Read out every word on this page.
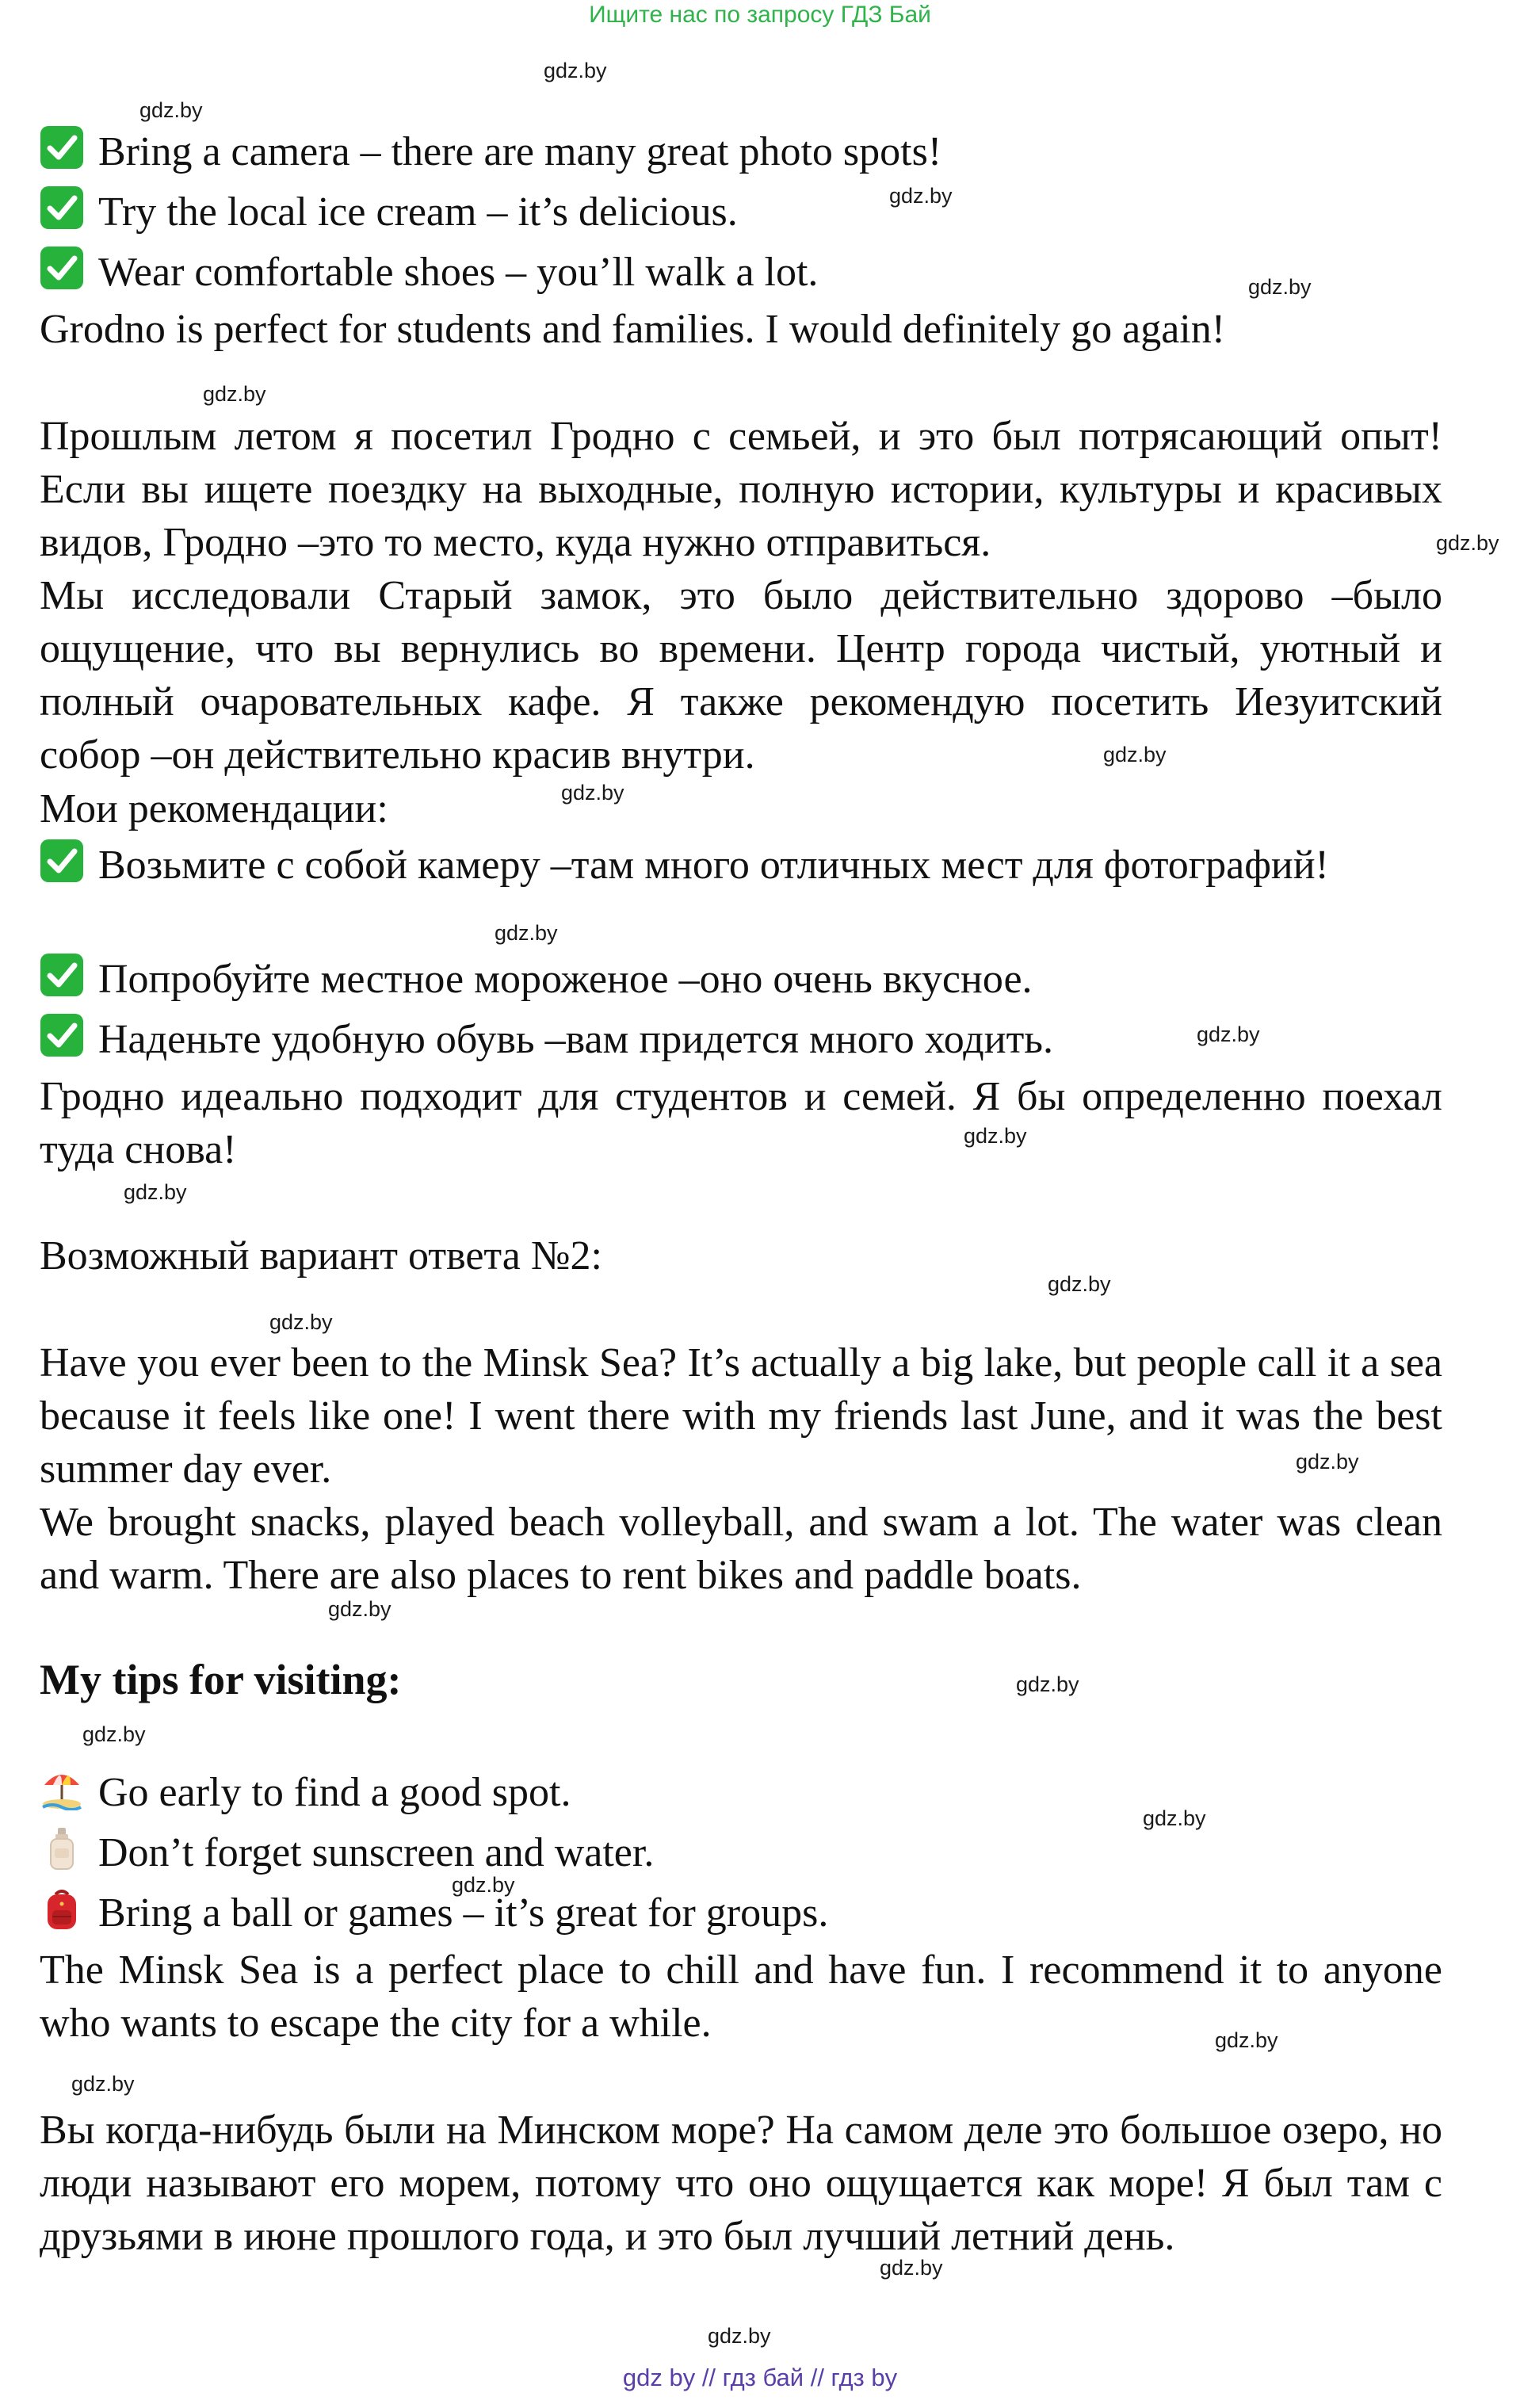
Ищите нас по запросу ГДЗ Бай
gdz.by
gdz.by
gdz.by
gdz.by
gdz.by
gdz.by
gdz.by
gdz.by
gdz.by
gdz.by
gdz.by
gdz.by
gdz.by
gdz.by
gdz.by
gdz.by
gdz.by
gdz.by
gdz.by
gdz.by
gdz.by
gdz.by
gdz.by
gdz.by
Bring a camera – there are many great photo spots!
Try the local ice cream – it’s delicious.
Wear comfortable shoes – you’ll walk a lot.
Grodno is perfect for students and families. I would definitely go again!
Прошлым летом я посетил Гродно с семьей, и это был потрясающий опыт! Если вы ищете поездку на выходные, полную истории, культуры и красивых видов, Гродно –это то место, куда нужно отправиться.
Мы исследовали Старый замок, это было действительно здорово –было ощущение, что вы вернулись во времени. Центр города чистый, уютный и полный очаровательных кафе. Я также рекомендую посетить Иезуитский собор –он действительно красив внутри.
Мои рекомендации:
Возьмите с собой камеру –там много отличных мест для фотографий!
Попробуйте местное мороженое –оно очень вкусное.
Наденьте удобную обувь –вам придется много ходить.
Гродно идеально подходит для студентов и семей. Я бы определенно поехал туда снова!
Возможный вариант ответа №2:
Have you ever been to the Minsk Sea? It’s actually a big lake, but people call it a sea because it feels like one! I went there with my friends last June, and it was the best summer day ever.
We brought snacks, played beach volleyball, and swam a lot. The water was clean and warm. There are also places to rent bikes and paddle boats.
My tips for visiting:
Go early to find a good spot.
Don’t forget sunscreen and water.
Bring a ball or games – it’s great for groups.
The Minsk Sea is a perfect place to chill and have fun. I recommend it to anyone who wants to escape the city for a while.
Вы когда-нибудь были на Минском море? На самом деле это большое озеро, но люди называют его морем, потому что оно ощущается как море! Я был там с друзьями в июне прошлого года, и это был лучший летний день.
gdz by // гдз бай // гдз by
